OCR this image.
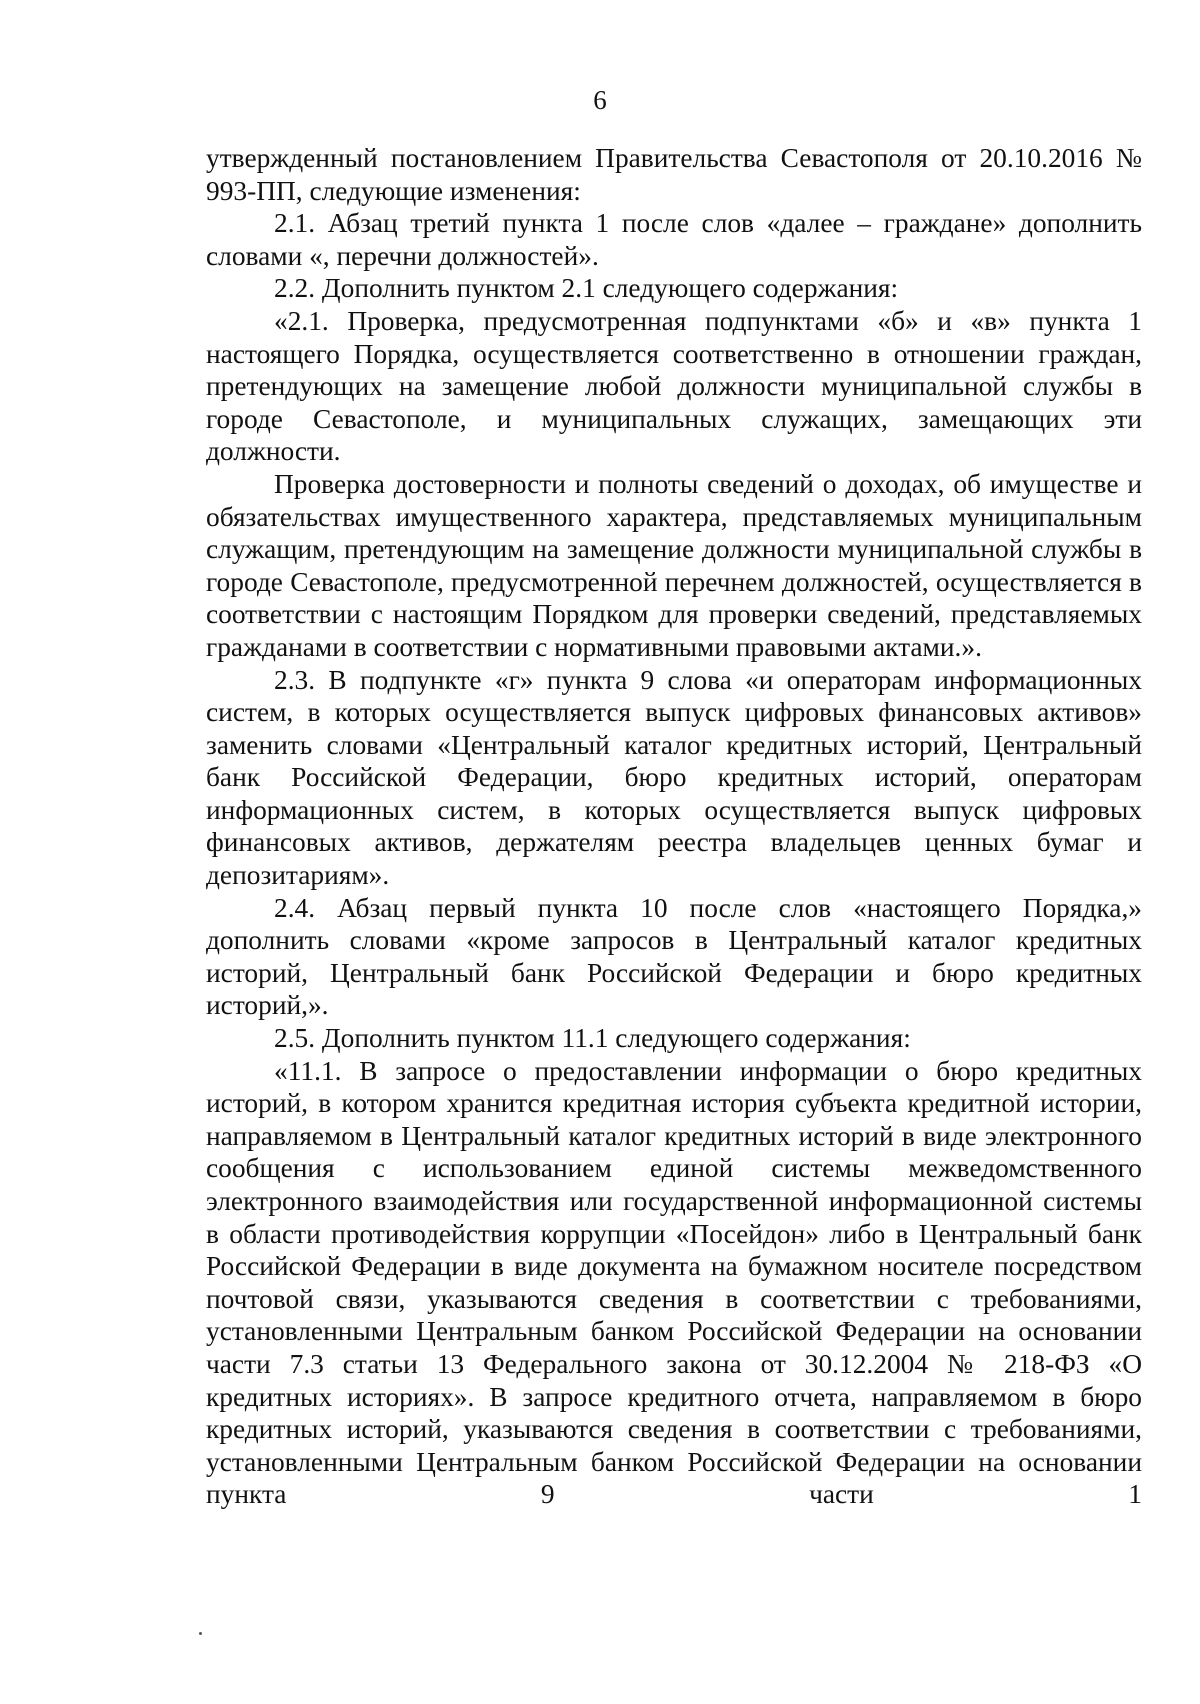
6

утвержденный постановлением Правительства Севастополя от 20.10.2016 № 993-ПП, следующие изменения:

2.1. Абзац третий пункта 1 после слов «далее – граждане» дополнить словами «, перечни должностей».

2.2. Дополнить пунктом 2.1 следующего содержания:

«2.1. Проверка, предусмотренная подпунктами «б» и «в» пункта 1 настоящего Порядка, осуществляется соответственно в отношении граждан, претендующих на замещение любой должности муниципальной службы в городе Севастополе, и муниципальных служащих, замещающих эти должности.

Проверка достоверности и полноты сведений о доходах, об имуществе и обязательствах имущественного характера, представляемых муниципальным служащим, претендующим на замещение должности муниципальной службы в городе Севастополе, предусмотренной перечнем должностей, осуществляется в соответствии с настоящим Порядком для проверки сведений, представляемых гражданами в соответствии с нормативными правовыми актами.».

2.3. В подпункте «г» пункта 9 слова «и операторам информационных систем, в которых осуществляется выпуск цифровых финансовых активов» заменить словами «Центральный каталог кредитных историй, Центральный банк Российской Федерации, бюро кредитных историй, операторам информационных систем, в которых осуществляется выпуск цифровых финансовых активов, держателям реестра владельцев ценных бумаг и депозитариям».

2.4. Абзац первый пункта 10 после слов «настоящего Порядка,» дополнить словами «кроме запросов в Центральный каталог кредитных историй, Центральный банк Российской Федерации и бюро кредитных историй,».

2.5. Дополнить пунктом 11.1 следующего содержания:

«11.1. В запросе о предоставлении информации о бюро кредитных историй, в котором хранится кредитная история субъекта кредитной истории, направляемом в Центральный каталог кредитных историй в виде электронного сообщения с использованием единой системы межведомственного электронного взаимодействия или государственной информационной системы в области противодействия коррупции «Посейдон» либо в Центральный банк Российской Федерации в виде документа на бумажном носителе посредством почтовой связи, указываются сведения в соответствии с требованиями, установленными Центральным банком Российской Федерации на основании части 7.3 статьи 13 Федерального закона от 30.12.2004 № 218-ФЗ «О кредитных историях». В запросе кредитного отчета, направляемом в бюро кредитных историй, указываются сведения в соответствии с требованиями, установленными Центральным банком Российской Федерации на основании пункта 9 части 1
